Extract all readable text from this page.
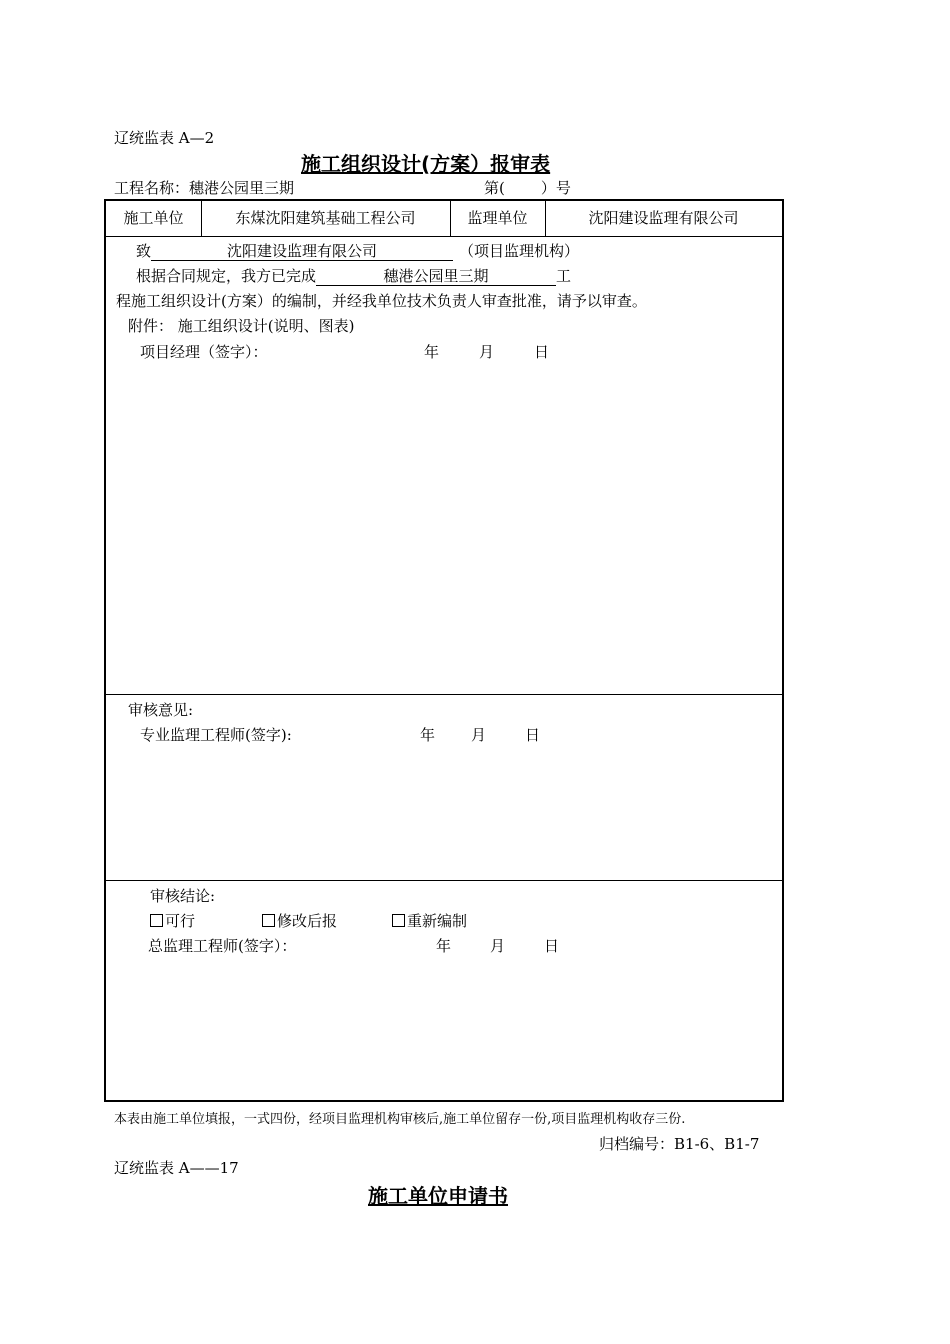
辽统监表 A—2
施工组织设计(方案）报审表
工程名称：穗港公园里三期	第( ）号
施工单位	东煤沈阳建筑基础工程公司	监理单位	沈阳建设监理有限公司
致	沈阳建设监理有限公司	（项目监理机构）
根据合同规定，我方已完成	穗港公园里三期	工
程施工组织设计(方案）的编制，并经我单位技术负责人审查批准，请予以审查。
附件： 施工组织设计(说明、图表)
项目经理（签字）：	年	月	日
审核意见:
专业监理工程师(签字):	年 月	日
审核结论:
可行	修改后报	重新编制
总监理工程师(签字）：	年	月	日
本表由施工单位填报，一式四份，经项目监理机构审核后,施工单位留存一份,项目监理机构收存三份.
归档编号：B1-6、B1-7
辽统监表 A——17
施工单位申请书
